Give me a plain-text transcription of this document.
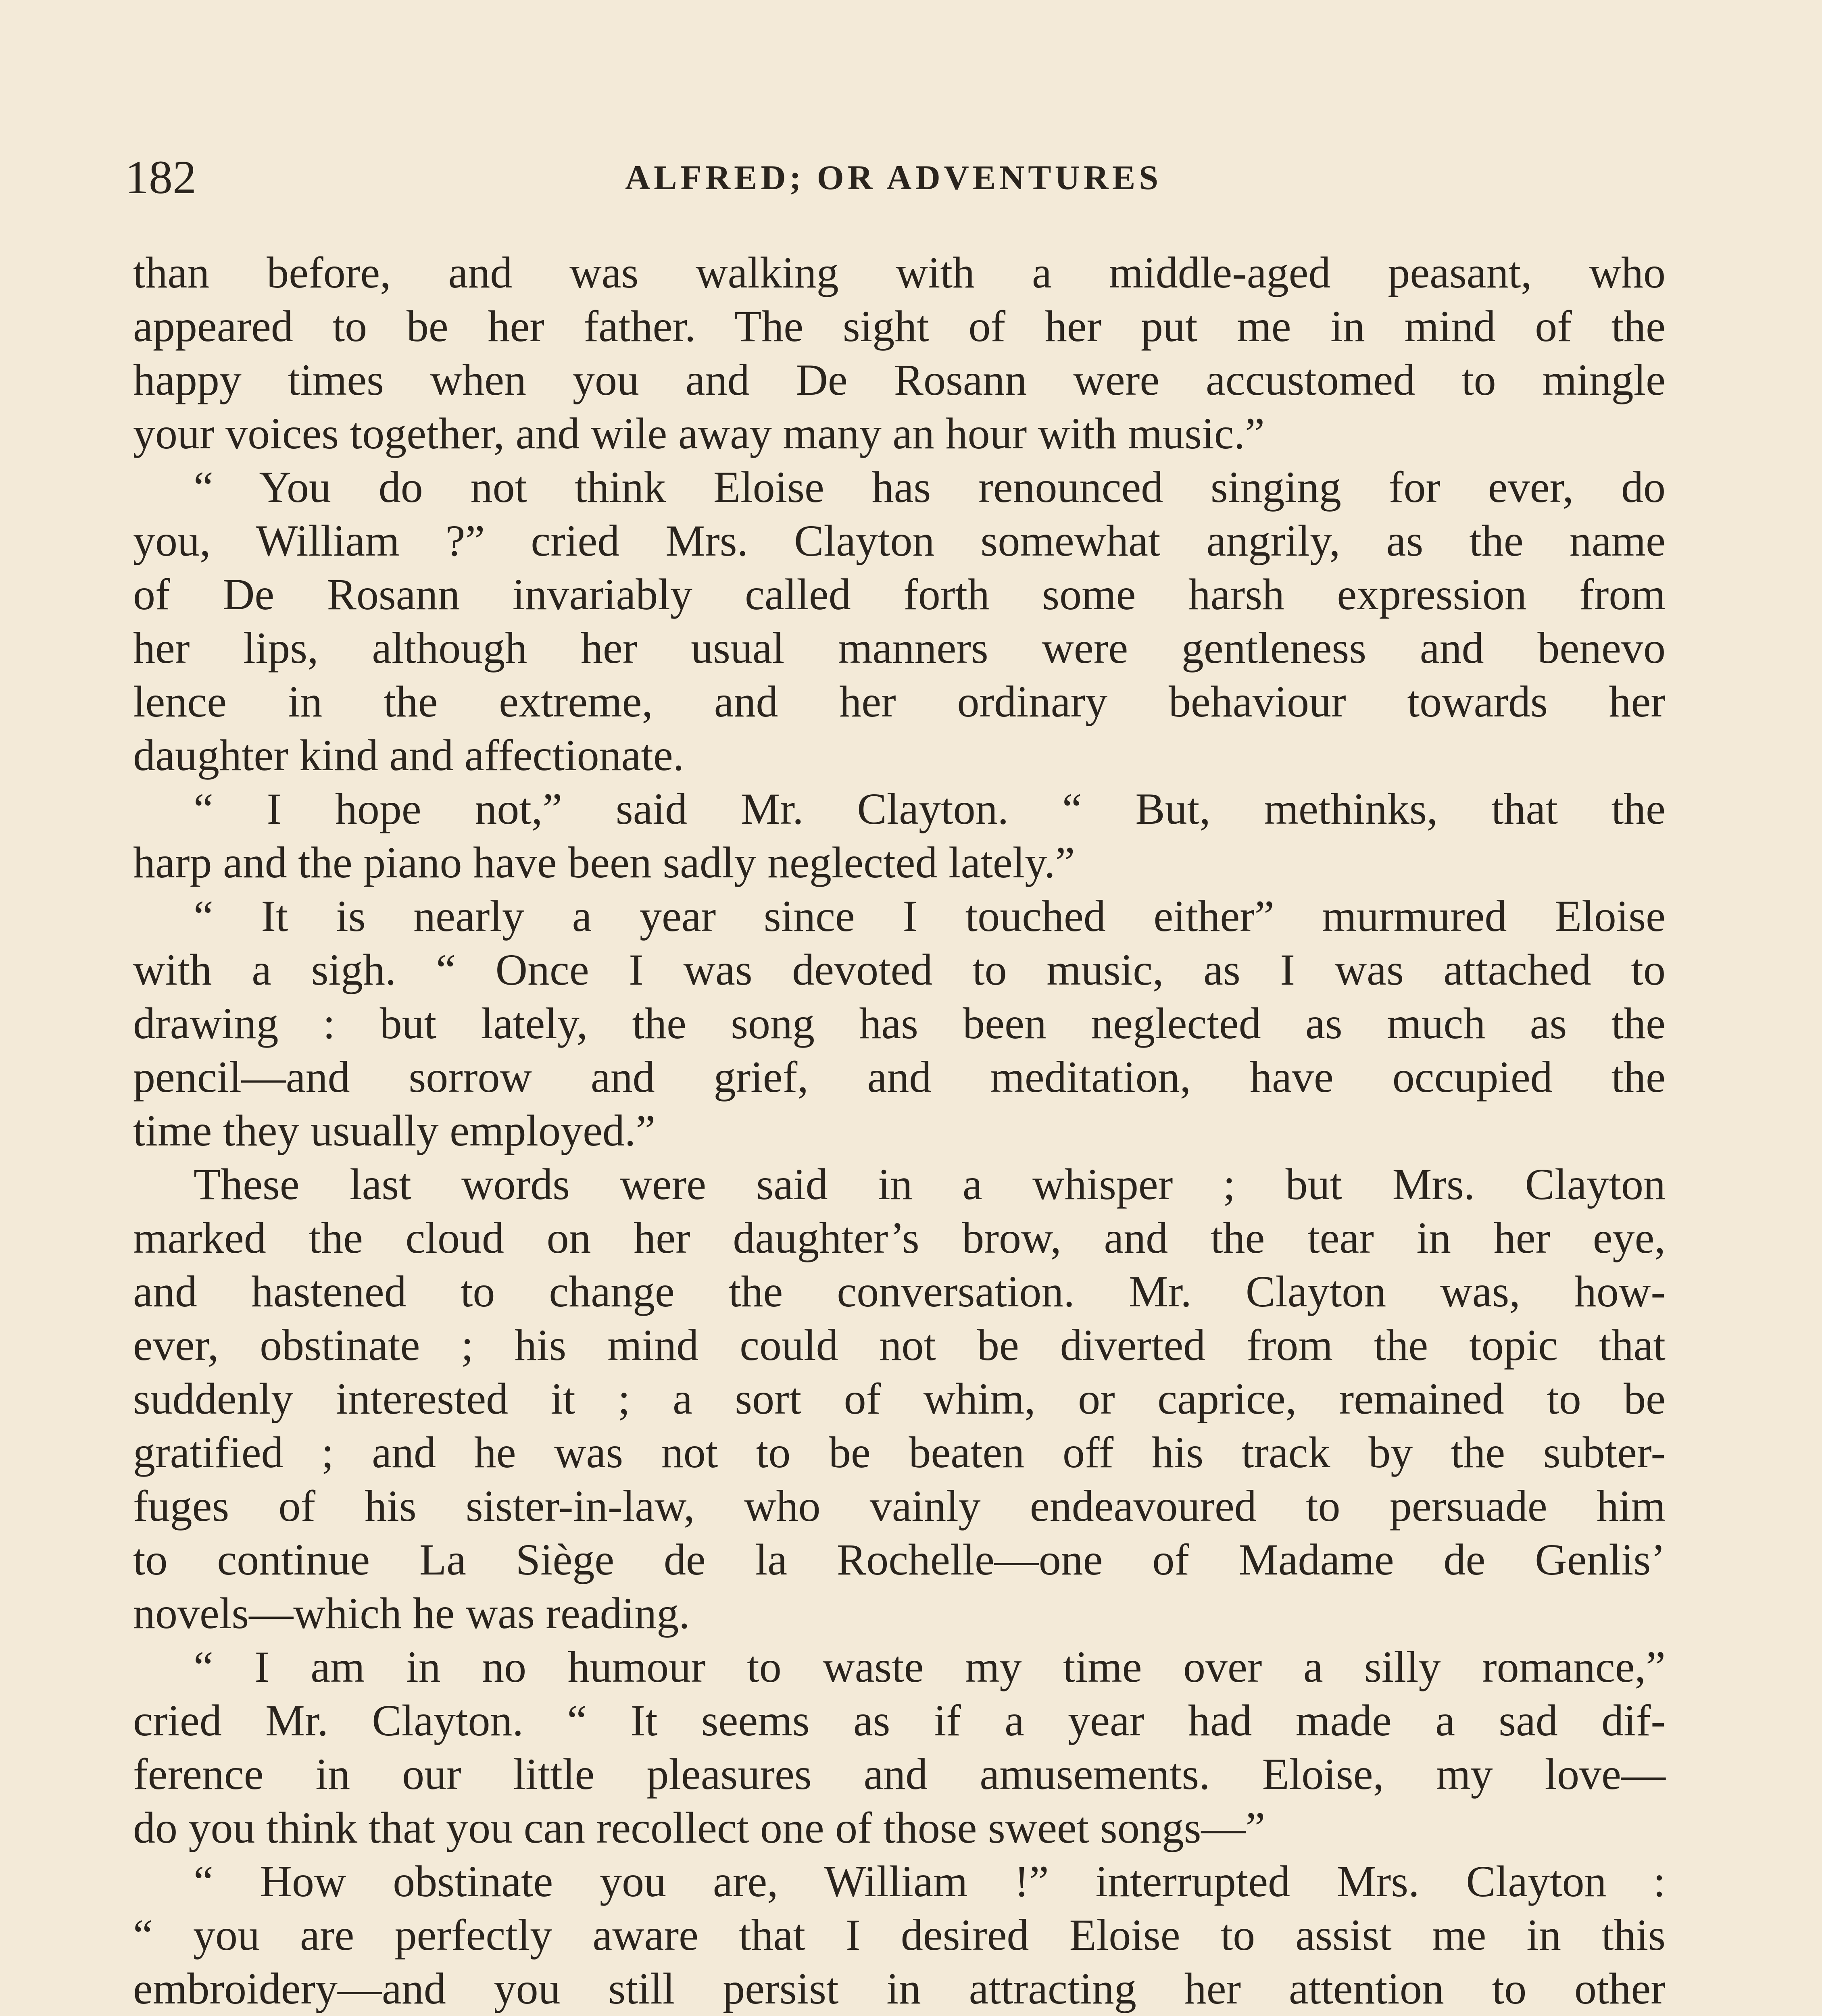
182	ALFRED; OR ADVENTURES
than before, and was walking with a middle-aged peasant, who
appeared to be her father. The sight of her put me in mind of the
happy times when you and De Rosann were accustomed to mingle
your voices together, and wile away many an hour with music.”
“ You do not think Eloise has renounced singing for ever, do
you, William ?” cried Mrs. Clayton somewhat angrily, as the name
of De Rosann invariably called forth some harsh expression from
her lips, although her usual manners were gentleness and benevo
lence in the extreme, and her ordinary behaviour towards her
daughter kind and affectionate.
“ I hope not,” said Mr. Clayton. “ But, methinks, that the
harp and the piano have been sadly neglected lately.”
“ It is nearly a year since I touched either” murmured Eloise
with a sigh. “ Once I was devoted to music, as I was attached to
drawing : but lately, the song has been neglected as much as the
pencil—and sorrow and grief, and meditation, have occupied the
time they usually employed.”
These last words were said in a whisper ; but Mrs. Clayton
marked the cloud on her daughter’s brow, and the tear in her eye,
and hastened to change the conversation. Mr. Clayton was, how-
ever, obstinate ; his mind could not be diverted from the topic that
suddenly interested it ; a sort of whim, or caprice, remained to be
gratified ; and he was not to be beaten off his track by the subter-
fuges of his sister-in-law, who vainly endeavoured to persuade him
to continue La Siège de la Rochelle—one of Madame de Genlis’
novels—which he was reading.
“ I am in no humour to waste my time over a silly romance,”
cried Mr. Clayton. “ It seems as if a year had made a sad dif-
ference in our little pleasures and amusements. Eloise, my love—
do you think that you can recollect one of those sweet songs—”
“ How obstinate you are, William !” interrupted Mrs. Clayton :
“ you are perfectly aware that I desired Eloise to assist me in this
embroidery—and you still persist in attracting her attention to other
